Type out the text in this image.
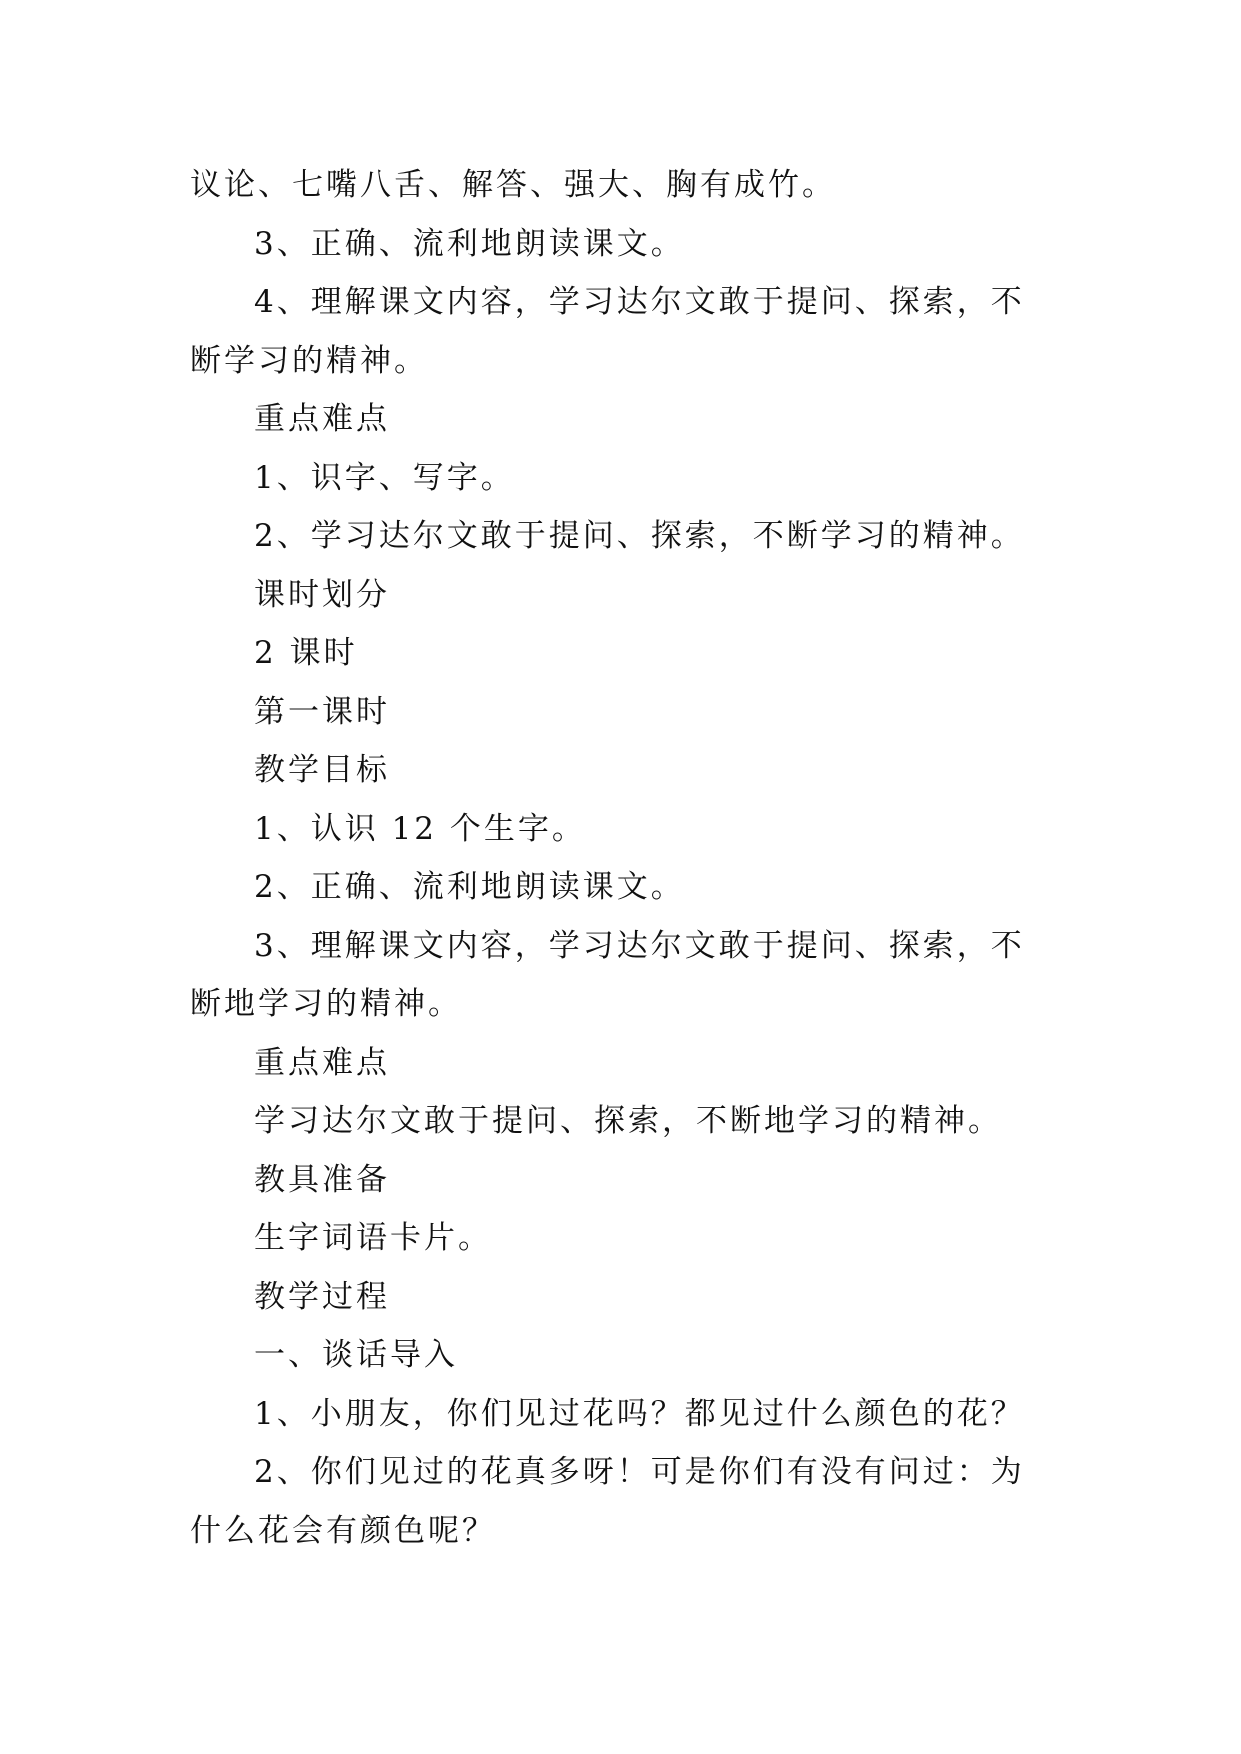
议论、七嘴八舌、解答、强大、胸有成竹。

3、正确、流利地朗读课文。

4、理解课文内容，学习达尔文敢于提问、探索，不断学习的精神。

重点难点

1、识字、写字。

2、学习达尔文敢于提问、探索，不断学习的精神。

课时划分

2 课时

第一课时

教学目标

1、认识 12 个生字。

2、正确、流利地朗读课文。

3、理解课文内容，学习达尔文敢于提问、探索，不断地学习的精神。

重点难点

学习达尔文敢于提问、探索，不断地学习的精神。

教具准备

生字词语卡片。

教学过程

一、谈话导入

1、小朋友，你们见过花吗？都见过什么颜色的花？

2、你们见过的花真多呀！可是你们有没有问过：为什么花会有颜色呢？
